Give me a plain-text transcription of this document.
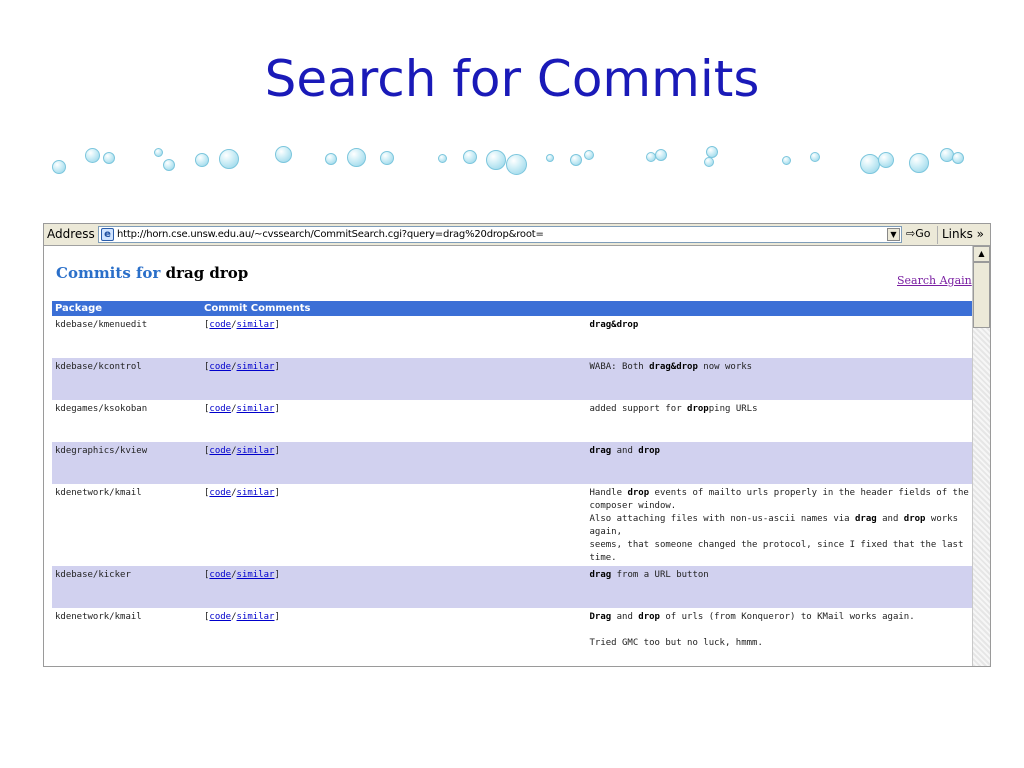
Search for Commits
Address e http://horn.cse.unsw.edu.au/~cvssearch/CommitSearch.cgi?query=drag%20drop&root=	▼ ⇨Go Links »
Commits for drag drop	Search Again
Package	Commit Comments	
kdebase/kmenuedit	[code/similar]	drag&drop
kdebase/kcontrol	[code/similar]	WABA: Both drag&drop now works
kdegames/ksokoban	[code/similar]	added support for dropping URLs
kdegraphics/kview	[code/similar]	drag and drop
kdenetwork/kmail	[code/similar]	Handle drop events of mailto urls properly in the header fields of the
composer window.
Also attaching files with non-us-ascii names via drag and drop works again,
seems, that someone changed the protocol, since I fixed that the last time.
kdebase/kicker	[code/similar]	drag from a URL button
kdenetwork/kmail	[code/similar]	Drag and drop of urls (from Konqueror) to KMail works again.

Tried GMC too but no luck, hmmm.
▲
